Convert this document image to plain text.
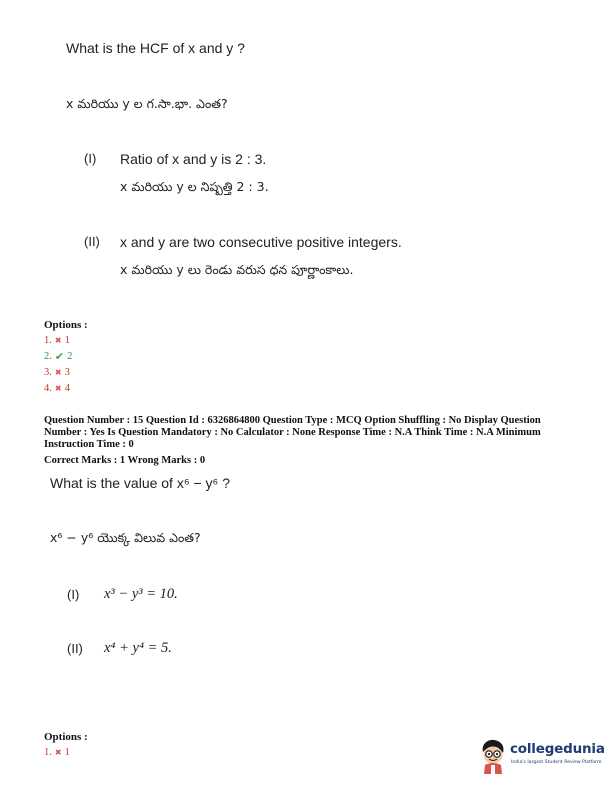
What is the HCF of x and y ?
x మరియు y ల గ.సా.భా. ఎంత?
(I) Ratio of x and y is 2 : 3.
x మరియు y ల నిష్పత్తి 2 : 3.
(II) x and y are two consecutive positive integers.
x మరియు y లు రెండు వరుస ధన పూర్ణాంకాలు.
Options :
1. ✖ 1
2. ✔ 2
3. ✖ 3
4. ✖ 4
Question Number : 15 Question Id : 6326864800 Question Type : MCQ Option Shuffling : No Display Question Number : Yes Is Question Mandatory : No Calculator : None Response Time : N.A Think Time : N.A Minimum Instruction Time : 0
Correct Marks : 1 Wrong Marks : 0
What is the value of x⁶ − y⁶ ?
x⁶ − y⁶ యొక్క విలువ ఎంత?
(I) x³ − y³ = 10.
(II) x⁴ + y⁴ = 5.
Options :
1. ✖ 1	collegedunia
India's largest Student Review Platform
